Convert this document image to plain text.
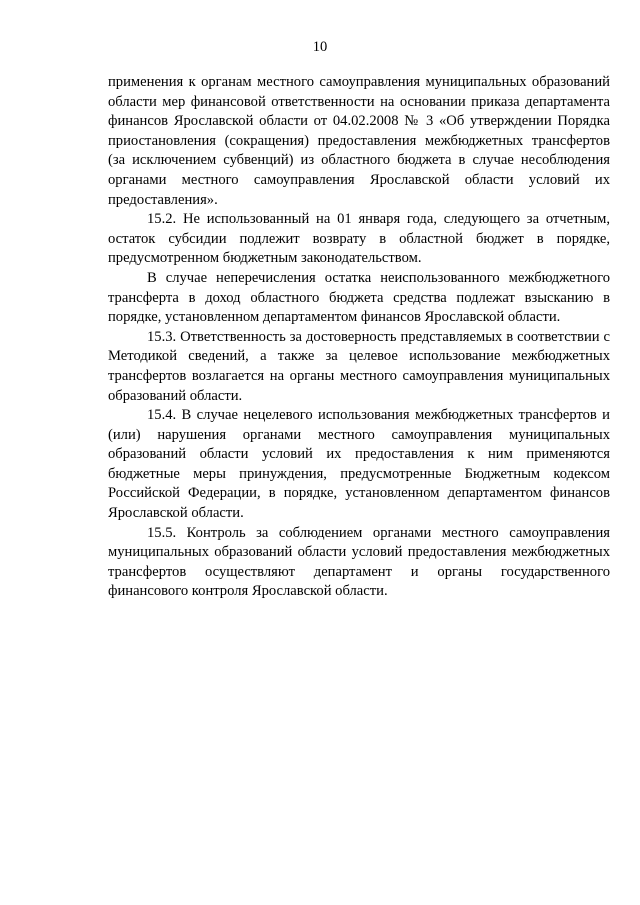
10

применения к органам местного самоуправления муниципальных образований области мер финансовой ответственности на основании приказа департамента финансов Ярославской области от 04.02.2008 № 3 «Об утверждении Порядка приостановления (сокращения) предоставления межбюджетных трансфертов (за исключением субвенций) из областного бюджета в случае несоблюдения органами местного самоуправления Ярославской области условий их предоставления».

15.2. Не использованный на 01 января года, следующего за отчетным, остаток субсидии подлежит возврату в областной бюджет в порядке, предусмотренном бюджетным законодательством.

В случае неперечисления остатка неиспользованного межбюджетного трансферта в доход областного бюджета средства подлежат взысканию в порядке, установленном департаментом финансов Ярославской области.

15.3. Ответственность за достоверность представляемых в соответствии с Методикой сведений, а также за целевое использование межбюджетных трансфертов возлагается на органы местного самоуправления муниципальных образований области.

15.4. В случае нецелевого использования межбюджетных трансфертов и (или) нарушения органами местного самоуправления муниципальных образований области условий их предоставления к ним применяются бюджетные меры принуждения, предусмотренные Бюджетным кодексом Российской Федерации, в порядке, установленном департаментом финансов Ярославской области.

15.5. Контроль за соблюдением органами местного самоуправления муниципальных образований области условий предоставления межбюджетных трансфертов осуществляют департамент и органы государственного финансового контроля Ярославской области.
